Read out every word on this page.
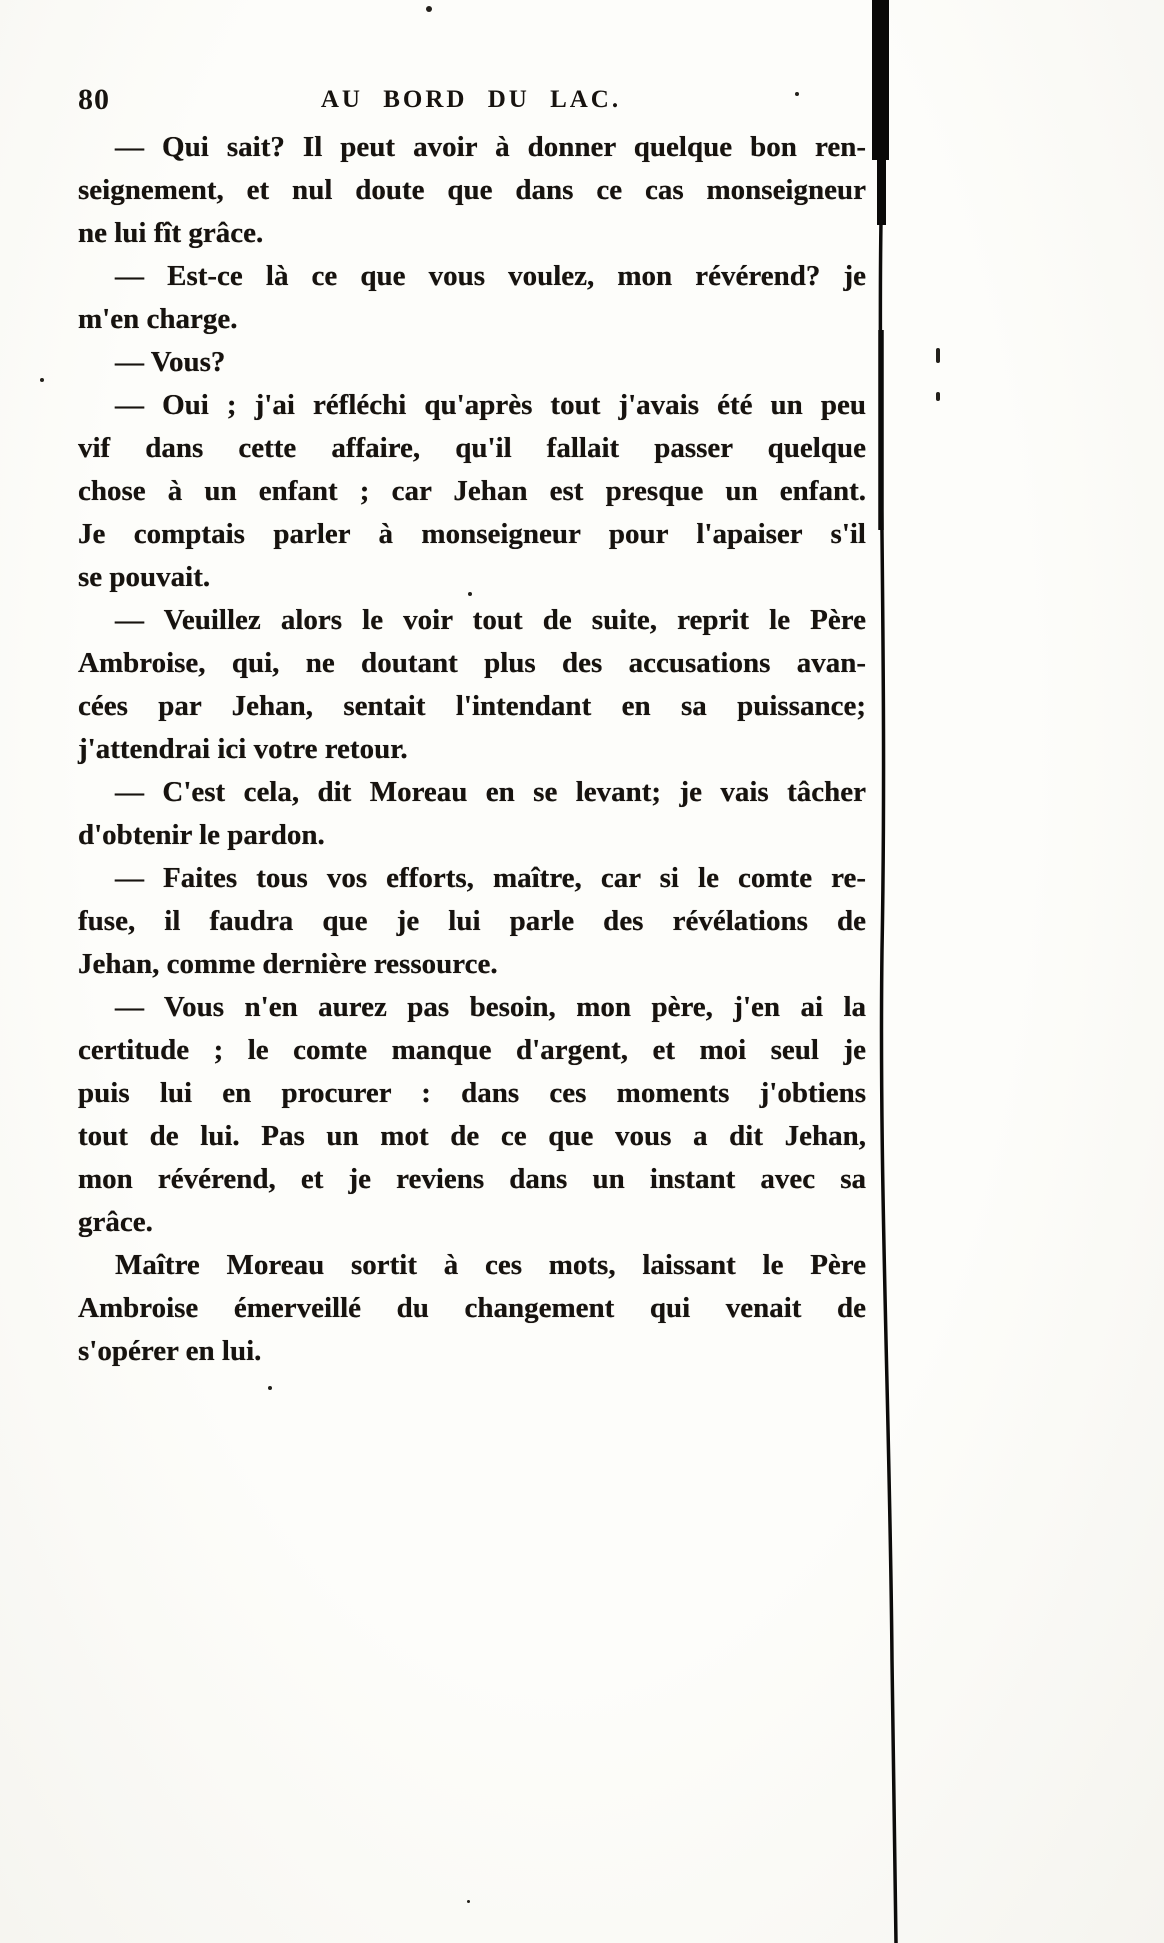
80	AU BORD DU LAC.

— Qui sait? Il peut avoir à donner quelque bon ren-
seignement, et nul doute que dans ce cas monseigneur
ne lui fît grâce.

— Est-ce là ce que vous voulez, mon révérend? je
m'en charge.

— Vous?

— Oui ; j'ai réfléchi qu'après tout j'avais été un peu
vif dans cette affaire, qu'il fallait passer quelque
chose à un enfant ; car Jehan est presque un enfant.
Je comptais parler à monseigneur pour l'apaiser s'il
se pouvait.

— Veuillez alors le voir tout de suite, reprit le Père
Ambroise, qui, ne doutant plus des accusations avan-
cées par Jehan, sentait l'intendant en sa puissance;
j'attendrai ici votre retour.

— C'est cela, dit Moreau en se levant; je vais tâcher
d'obtenir le pardon.

— Faites tous vos efforts, maître, car si le comte re-
fuse, il faudra que je lui parle des révélations de
Jehan, comme dernière ressource.

— Vous n'en aurez pas besoin, mon père, j'en ai la
certitude ; le comte manque d'argent, et moi seul je
puis lui en procurer : dans ces moments j'obtiens
tout de lui. Pas un mot de ce que vous a dit Jehan,
mon révérend, et je reviens dans un instant avec sa
grâce.

Maître Moreau sortit à ces mots, laissant le Père
Ambroise émerveillé du changement qui venait de
s'opérer en lui.
